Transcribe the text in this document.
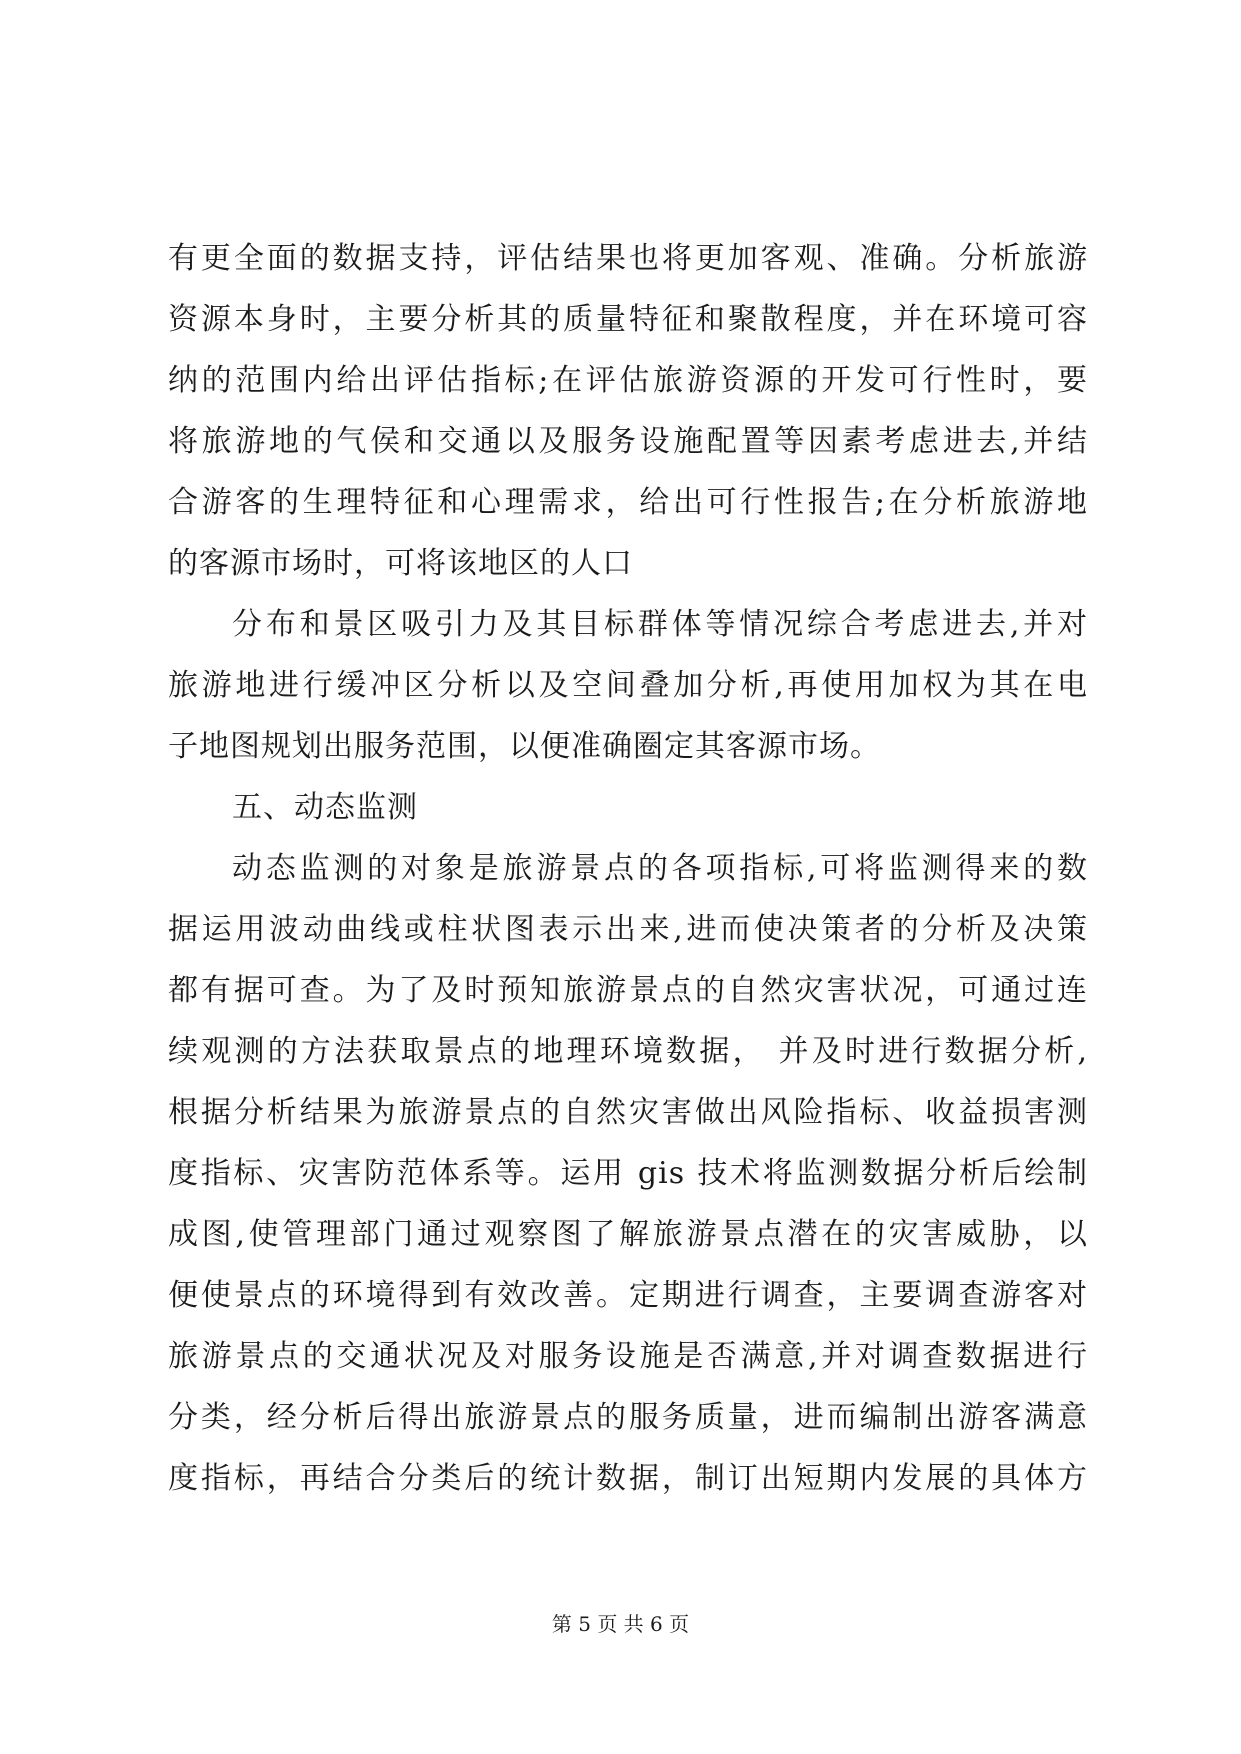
有更全面的数据支持，评估结果也将更加客观、准确。分析旅游
资源本身时，主要分析其的质量特征和聚散程度，并在环境可容
纳的范围内给出评估指标;在评估旅游资源的开发可行性时，要
将旅游地的气侯和交通以及服务设施配置等因素考虑进去,并结
合游客的生理特征和心理需求，给出可行性报告;在分析旅游地
的客源市场时，可将该地区的人口
分布和景区吸引力及其目标群体等情况综合考虑进去,并对
旅游地进行缓冲区分析以及空间叠加分析,再使用加权为其在电
子地图规划出服务范围，以便准确圈定其客源市场。
五、动态监测
动态监测的对象是旅游景点的各项指标,可将监测得来的数
据运用波动曲线或柱状图表示出来,进而使决策者的分析及决策
都有据可查。为了及时预知旅游景点的自然灾害状况，可通过连
续观测的方法获取景点的地理环境数据， 并及时进行数据分析,
根据分析结果为旅游景点的自然灾害做出风险指标、收益损害测
度指标、灾害防范体系等。运用 gis 技术将监测数据分析后绘制
成图,使管理部门通过观察图了解旅游景点潜在的灾害威胁，以
便使景点的环境得到有效改善。定期进行调查，主要调查游客对
旅游景点的交通状况及对服务设施是否满意,并对调查数据进行
分类，经分析后得出旅游景点的服务质量，进而编制出游客满意
度指标，再结合分类后的统计数据，制订出短期内发展的具体方
第 5 页 共 6 页
